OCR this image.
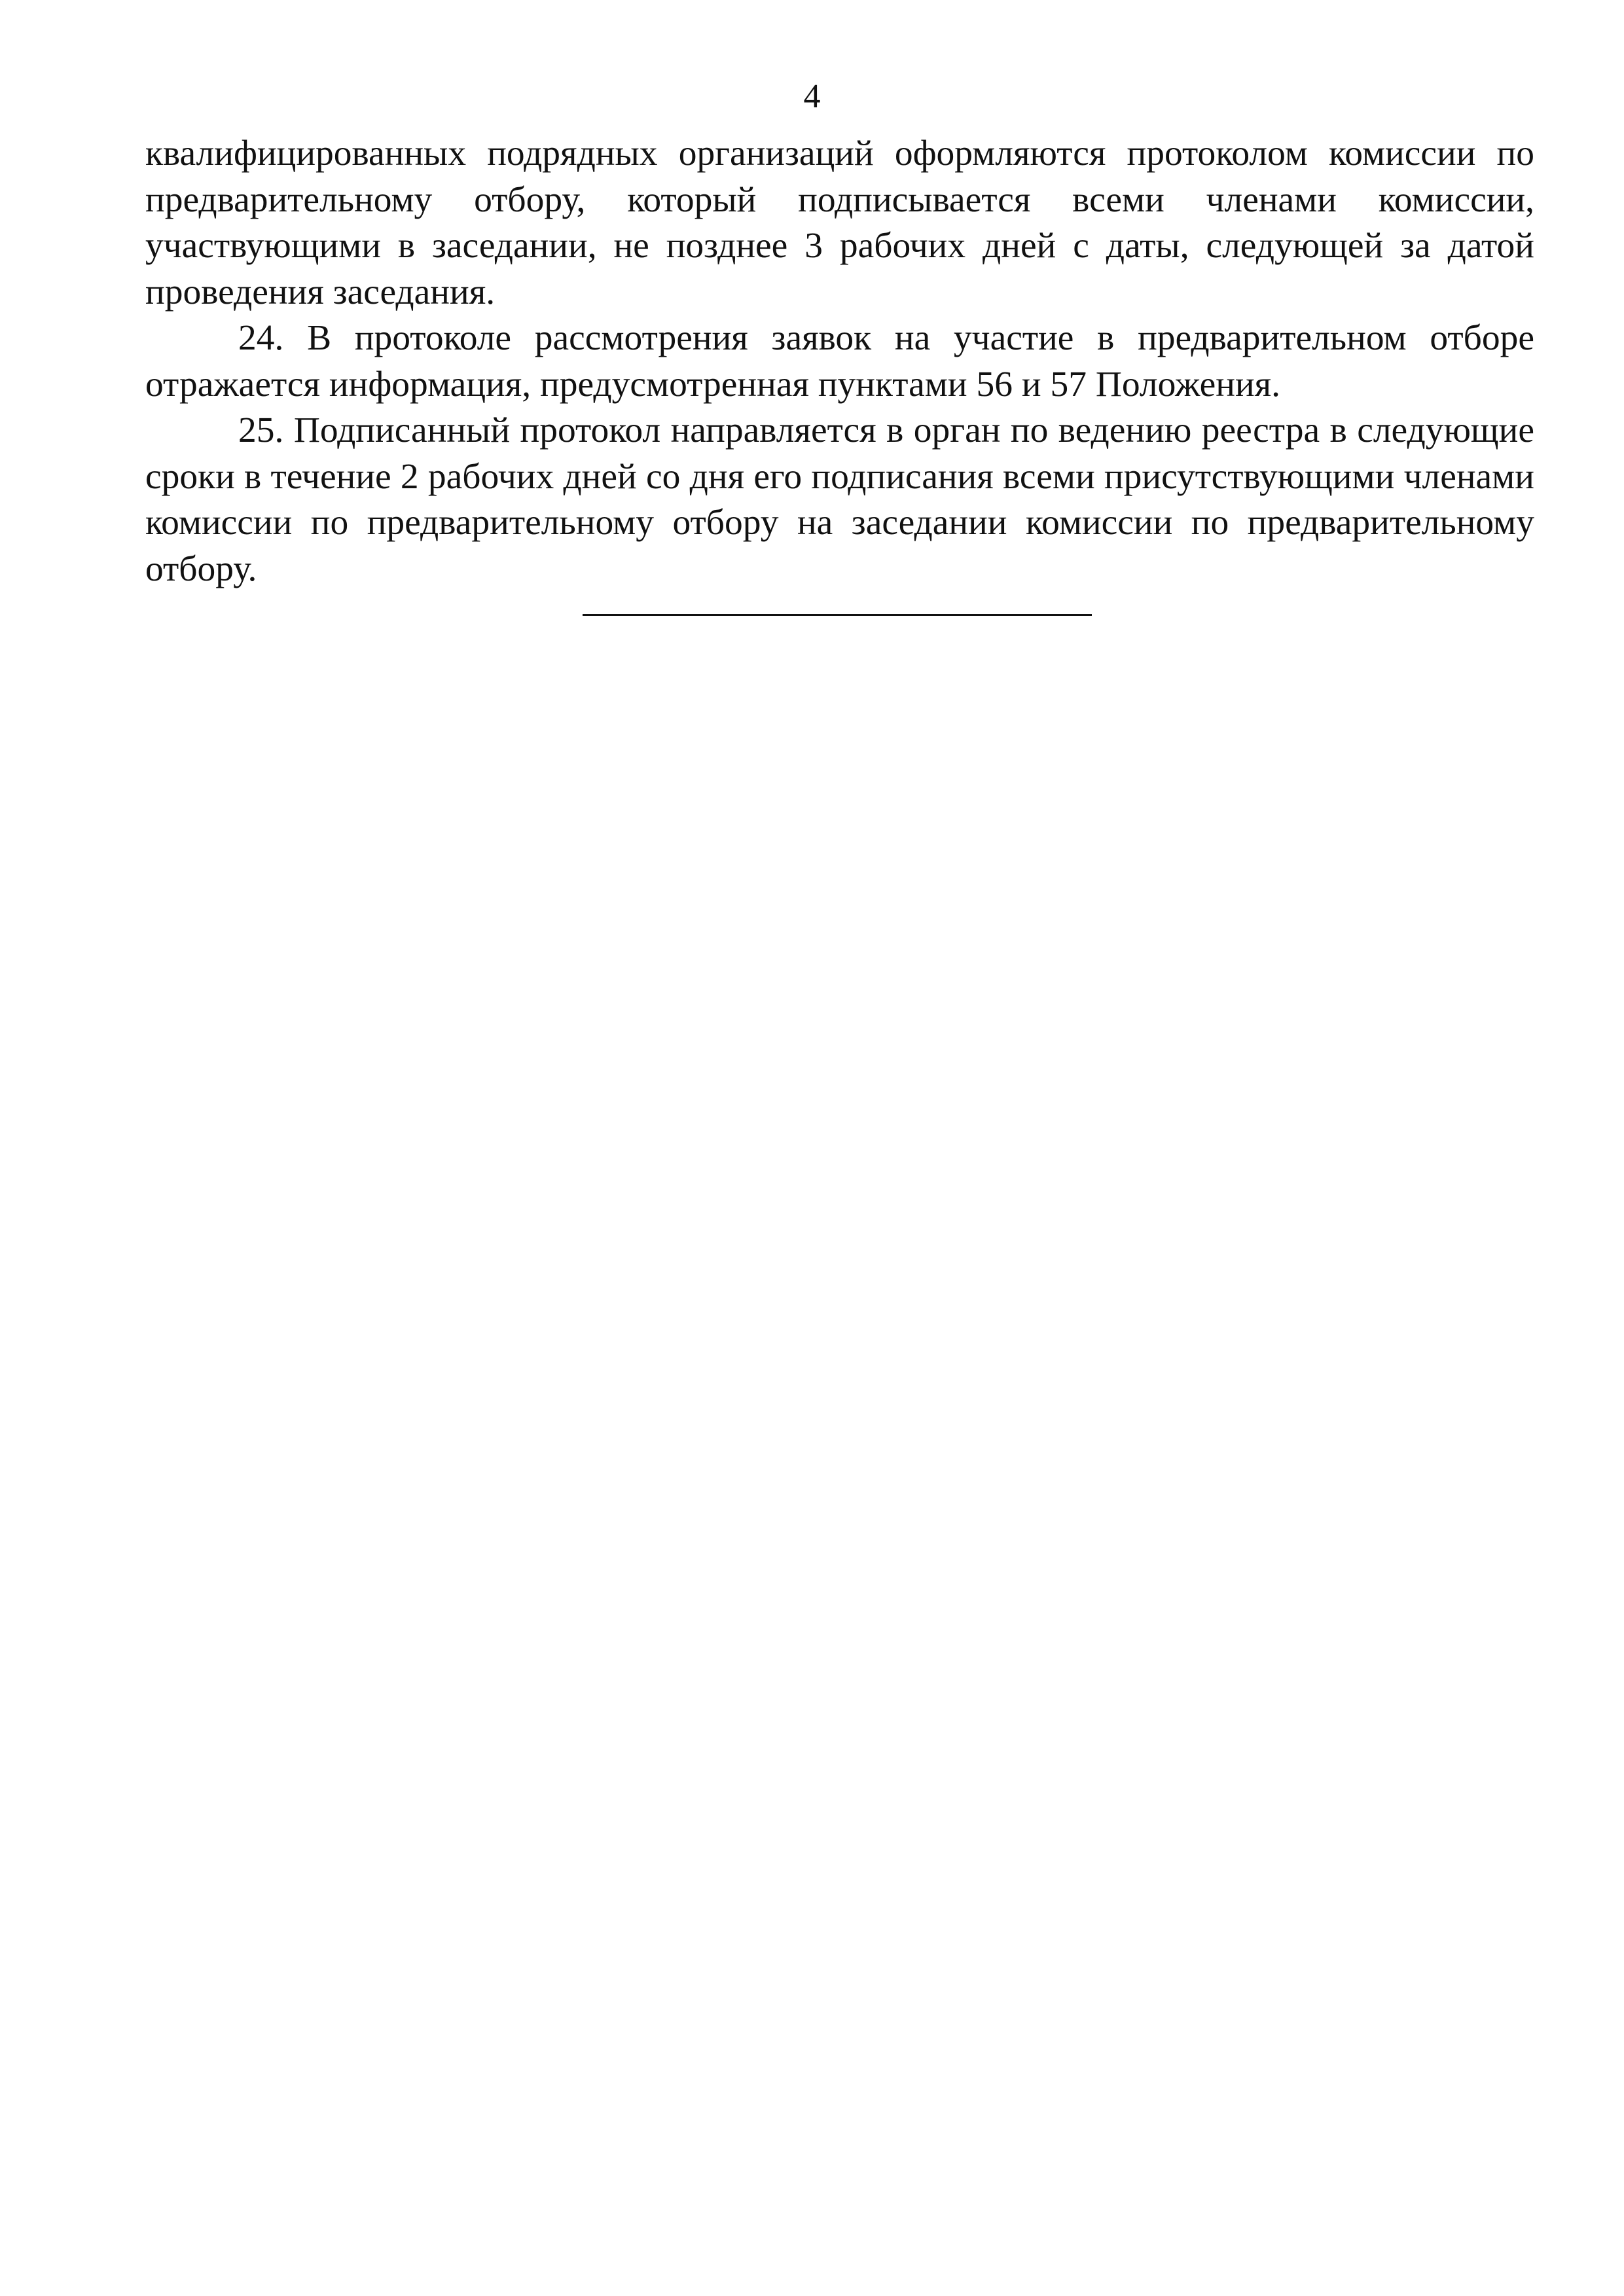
4

квалифицированных подрядных организаций оформляются протоколом комиссии по предварительному отбору, который подписывается всеми членами комиссии, участвующими в заседании, не позднее 3 рабочих дней с даты, следующей за датой проведения заседания.

24. В протоколе рассмотрения заявок на участие в предварительном отборе отражается информация, предусмотренная пунктами 56 и 57 Положения.

25. Подписанный протокол направляется в орган по ведению реестра в следующие сроки в течение 2 рабочих дней со дня его подписания всеми присутствующими членами комиссии по предварительному отбору на заседании комиссии по предварительному отбору.
